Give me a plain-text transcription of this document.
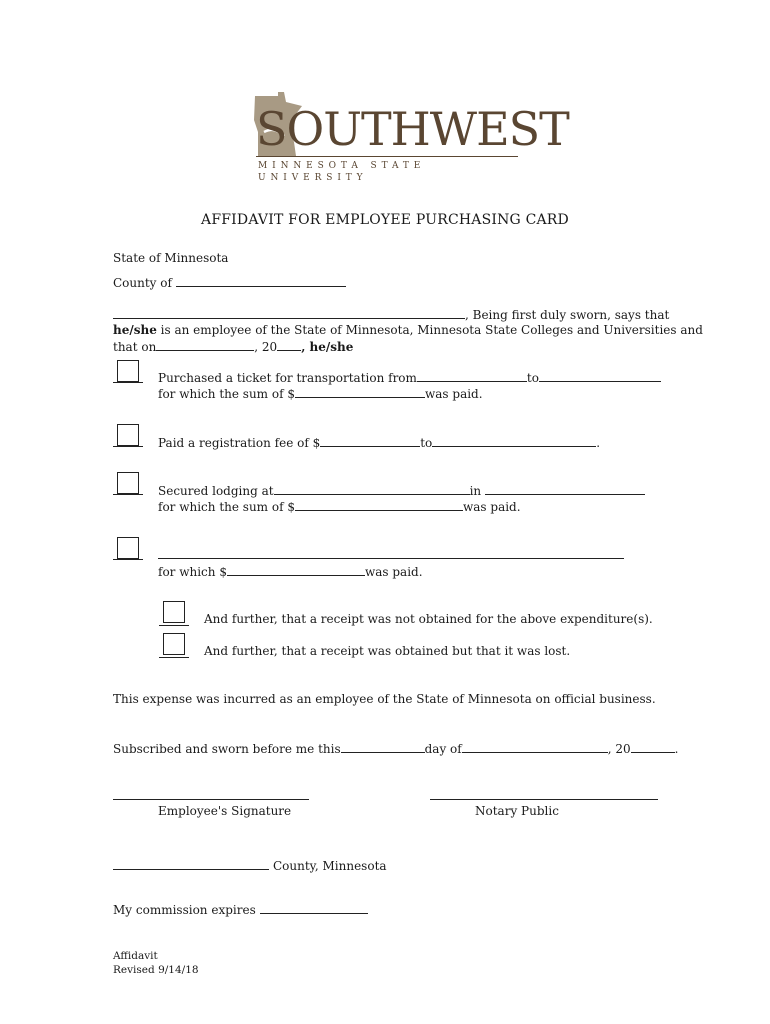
SOUTHWEST
MINNESOTA STATE UNIVERSITY
AFFIDAVIT FOR EMPLOYEE PURCHASING CARD
State of Minnesota
County of
, Being first duly sworn, says that
he/she is an employee of the State of Minnesota, Minnesota State Colleges and Universities and
that on	, 20 , he/she
Purchased a ticket for transportation from	to
for which the sum of $	was paid.
Paid a registration fee of $	to	.
Secured lodging at	in
for which the sum of $	was paid.
for which $	was paid.
And further, that a receipt was not obtained for the above expenditure(s).
And further, that a receipt was obtained but that it was lost.
This expense was incurred as an employee of the State of Minnesota on official business.
Subscribed and sworn before me this	day of	, 20	.
Employee's Signature	Notary Public
County, Minnesota
My commission expires
Affidavit
Revised 9/14/18
